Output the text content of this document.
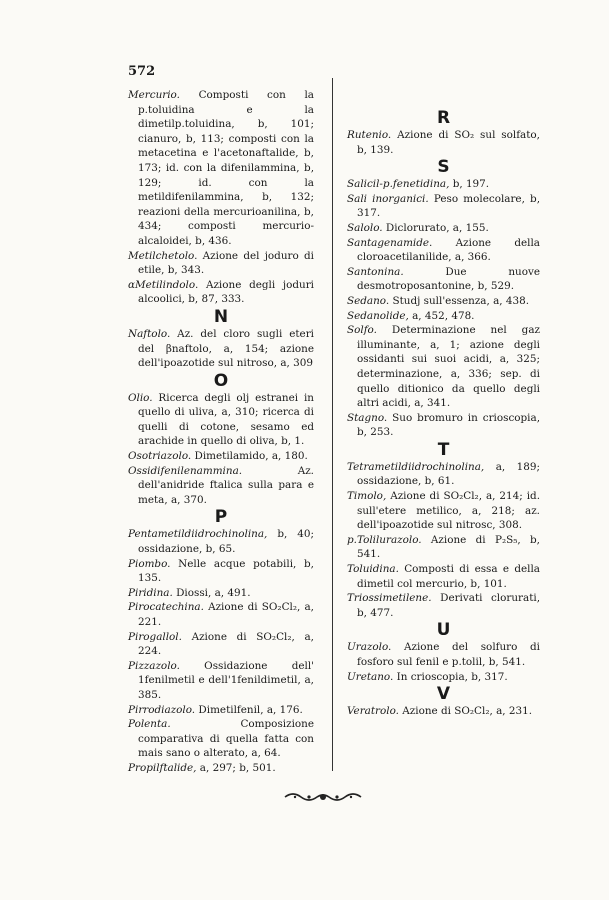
572

Mercurio. Composti con la p.toluidina e la dimetilp.toluidina, b, 101; cianuro, b, 113; composti con la metacetina e l'acetonaftalide, b, 173; id. con la difenilammina, b, 129; id. con la metildifenilammina, b, 132; reazioni della mercurioanilina, b, 434; composti mercurio-alcaloidei, b, 436.

Metilchetolo. Azione del joduro di etile, b, 343.

αMetilindolo. Azione degli joduri alcoolici, b, 87, 333.

N

Naftolo. Az. del cloro sugli eteri del βnaftolo, a, 154; azione dell'ipoazotide sul nitroso, a, 309

O

Olio. Ricerca degli olj estranei in quello di uliva, a, 310; ricerca di quelli di cotone, sesamo ed arachide in quello di oliva, b, 1.

Osotriazolo. Dimetilamido, a, 180.

Ossidifenilenammina. Az. dell'anidride ftalica sulla para e meta, a, 370.

P

Pentametildiidrochinolina, b, 40; ossidazione, b, 65.

Piombo. Nelle acque potabili, b, 135.

Piridina. Diossi, a, 491.

Pirocatechina. Azione di SO₂Cl₂, a, 221.

Pirogallol. Azione di SO₂Cl₂, a, 224.

Pizzazolo. Ossidazione dell' 1fenilmetil e dell'1fenildimetil, a, 385.

Pirrodiazolo. Dimetilfenil, a, 176.

Polenta. Composizione comparativa di quella fatta con mais sano o alterato, a, 64.

Propilftalide, a, 297; b, 501.

R

Rutenio. Azione di SO₂ sul solfato, b, 139.

S

Salicil-p.fenetidina, b, 197.

Sali inorganici. Peso molecolare, b, 317.

Salolo. Diclorurato, a, 155.

Santagenamide. Azione della cloroacetilanilide, a, 366.

Santonina. Due nuove desmotroposantonine, b, 529.

Sedano. Studj sull'essenza, a, 438.

Sedanolide, a, 452, 478.

Solfo. Determinazione nel gaz illuminante, a, 1; azione degli ossidanti sui suoi acidi, a, 325; determinazione, a, 336; sep. di quello ditionico da quello degli altri acidi, a, 341.

Stagno. Suo bromuro in crioscopia, b, 253.

T

Tetrametildiidrochinolina, a, 189; ossidazione, b, 61.

Timolo, Azione di SO₂Cl₂, a, 214; id. sull'etere metilico, a, 218; az. dell'ipoazotide sul nitrosc, 308.

p.Tolilurazolo. Azione di P₂S₅, b, 541.

Toluidina. Composti di essa e della dimetil col mercurio, b, 101.

Triossimetilene. Derivati clorurati, b, 477.

U

Urazolo. Azione del solfuro di fosforo sul fenil e p.tolil, b, 541.

Uretano. In crioscopia, b, 317.

V

Veratrolo. Azione di SO₂Cl₂, a, 231.
